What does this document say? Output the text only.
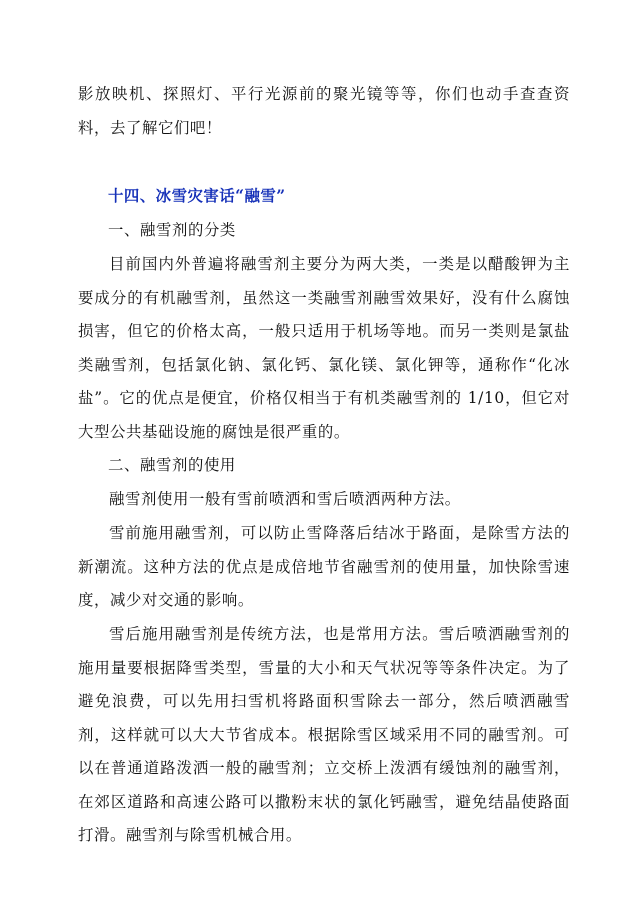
影放映机、探照灯、平行光源前的聚光镜等等，你们也动手查查资料，去了解它们吧！

十四、冰雪灾害话“融雪”

一、融雪剂的分类

目前国内外普遍将融雪剂主要分为两大类，一类是以醋酸钾为主要成分的有机融雪剂，虽然这一类融雪剂融雪效果好，没有什么腐蚀损害，但它的价格太高，一般只适用于机场等地。而另一类则是氯盐类融雪剂，包括氯化钠、氯化钙、氯化镁、氯化钾等，通称作“化冰盐”。它的优点是便宜，价格仅相当于有机类融雪剂的 1/10，但它对大型公共基础设施的腐蚀是很严重的。

二、融雪剂的使用

融雪剂使用一般有雪前喷洒和雪后喷洒两种方法。

雪前施用融雪剂，可以防止雪降落后结冰于路面，是除雪方法的新潮流。这种方法的优点是成倍地节省融雪剂的使用量，加快除雪速度，减少对交通的影响。

雪后施用融雪剂是传统方法，也是常用方法。雪后喷洒融雪剂的施用量要根据降雪类型，雪量的大小和天气状况等等条件决定。为了避免浪费，可以先用扫雪机将路面积雪除去一部分，然后喷洒融雪剂，这样就可以大大节省成本。根据除雪区域采用不同的融雪剂。可以在普通道路泼洒一般的融雪剂；立交桥上泼洒有缓蚀剂的融雪剂，在郊区道路和高速公路可以撒粉末状的氯化钙融雪，避免结晶使路面打滑。融雪剂与除雪机械合用。
